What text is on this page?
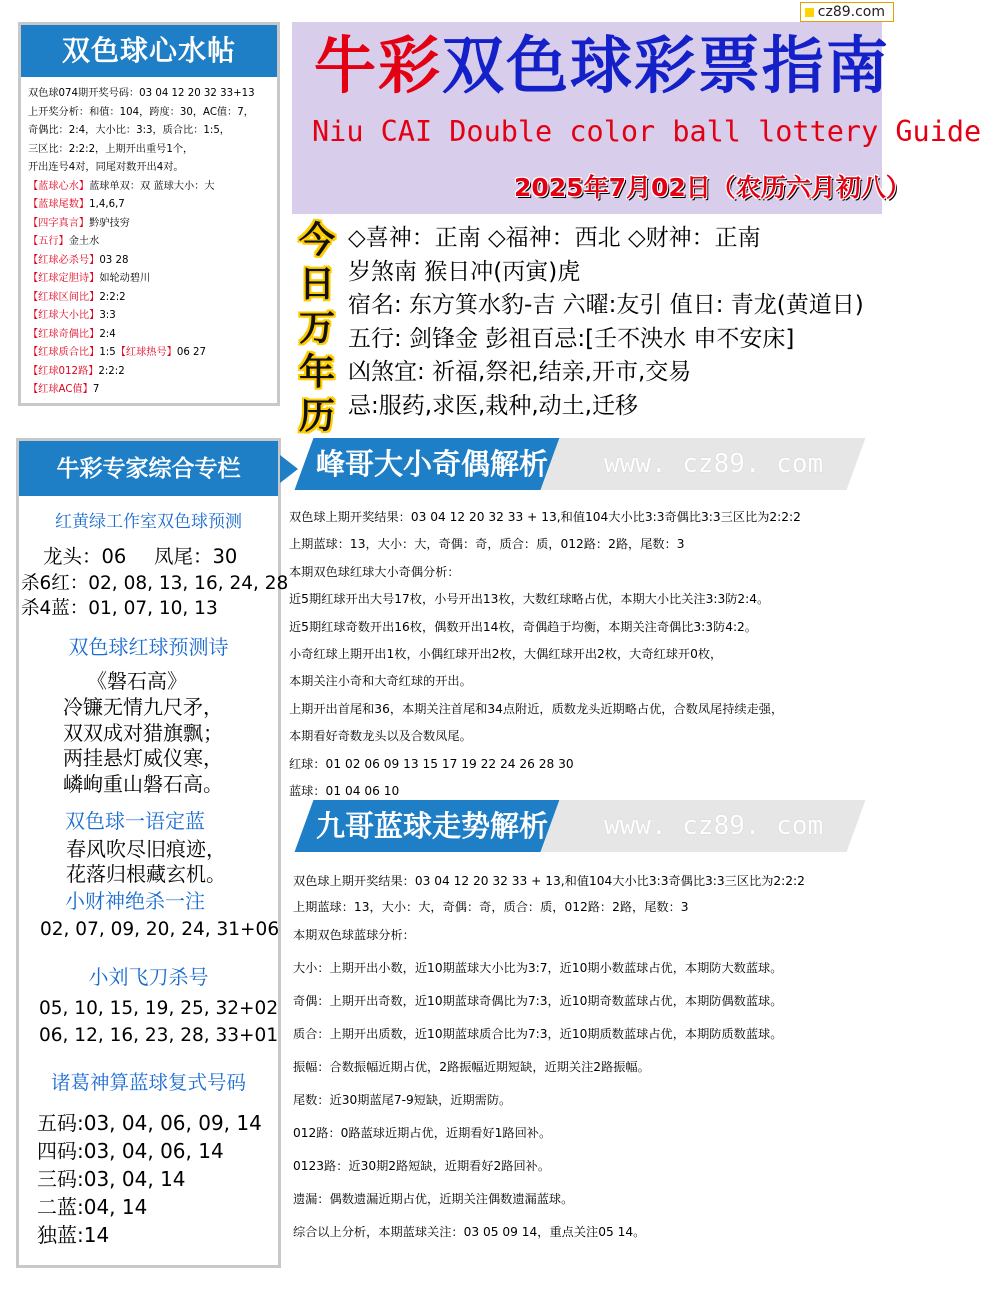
cz89.com
双色球心水帖
双色球074期开奖号码：03 04 12 20 32 33+13
上开奖分析：和值：104，跨度：30，AC值：7，
奇偶比：2:4，大小比：3:3，质合比：1:5，
三区比：2:2:2，上期开出重号1个，
开出连号4对，同尾对数开出4对。
【蓝球心水】蓝球单双：双 蓝球大小：大
【蓝球尾数】1,4,6,7
【四字真言】黔驴技穷
【五行】金土水
【红球必杀号】03 28
【红球定胆诗】如轮动碧川
【红球区间比】2:2:2
【红球大小比】3:3
【红球奇偶比】2:4
【红球质合比】1:5【红球热号】06 27
【红球012路】2:2:2
【红球AC值】7
牛彩双色球彩票指南
Niu CAI Double color ball lottery Guide
2025年7月02日（农历六月初八）
今
日
万
年
历
◇喜神：正南 ◇福神：西北 ◇财神：正南
岁煞南 猴日冲(丙寅)虎
宿名: 东方箕水豹-吉 六曜:友引 值日: 青龙(黄道日)
五行: 剑锋金 彭祖百忌:[壬不泱水 申不安床]
凶煞宜: 祈福,祭祀,结亲,开市,交易
忌:服药,求医,栽种,动土,迁移
牛彩专家综合专栏
红黄绿工作室双色球预测
龙头：06 凤尾：30
杀6红：02, 08, 13, 16, 24, 28
杀4蓝：01, 07, 10, 13
双色球红球预测诗
《磐石高》
冷镰无情九尺矛，
双双成对猎旗飘；
两挂悬灯威仪寒，
嶙峋重山磐石高。
双色球一语定蓝
春风吹尽旧痕迹，
花落归根藏玄机。
小财神绝杀一注
02, 07, 09, 20, 24, 31+06
小刘飞刀杀号
05, 10, 15, 19, 25, 32+02
06, 12, 16, 23, 28, 33+01
诸葛神算蓝球复式号码
五码:03, 04, 06, 09, 14
四码:03, 04, 06, 14
三码:03, 04, 14
二蓝:04, 14
独蓝:14
峰哥大小奇偶解析 www. cz89. com
双色球上期开奖结果：03 04 12 20 32 33 + 13,和值104大小比3:3奇偶比3:3三区比为2:2:2
上期蓝球：13，大小：大，奇偶：奇，质合：质，012路：2路，尾数：3
本期双色球红球大小奇偶分析：
近5期红球开出大号17枚，小号开出13枚，大数红球略占优，本期大小比关注3:3防2:4。
近5期红球奇数开出16枚，偶数开出14枚，奇偶趋于均衡，本期关注奇偶比3:3防4:2。
小奇红球上期开出1枚，小偶红球开出2枚，大偶红球开出2枚，大奇红球开0枚，
本期关注小奇和大奇红球的开出。
上期开出首尾和36，本期关注首尾和34点附近，质数龙头近期略占优，合数凤尾持续走强，
本期看好奇数龙头以及合数凤尾。
红球：01 02 06 09 13 15 17 19 22 24 26 28 30
蓝球：01 04 06 10
九哥蓝球走势解析 www. cz89. com
双色球上期开奖结果：03 04 12 20 32 33 + 13,和值104大小比3:3奇偶比3:3三区比为2:2:2
上期蓝球：13，大小：大，奇偶：奇，质合：质，012路：2路，尾数：3
本期双色球蓝球分析：
大小：上期开出小数，近10期蓝球大小比为3:7，近10期小数蓝球占优，本期防大数蓝球。
奇偶：上期开出奇数，近10期蓝球奇偶比为7:3，近10期奇数蓝球占优，本期防偶数蓝球。
质合：上期开出质数，近10期蓝球质合比为7:3，近10期质数蓝球占优，本期防质数蓝球。
振幅：合数振幅近期占优，2路振幅近期短缺，近期关注2路振幅。
尾数：近30期蓝尾7-9短缺，近期需防。
012路：0路蓝球近期占优，近期看好1路回补。
0123路：近30期2路短缺，近期看好2路回补。
遗漏：偶数遗漏近期占优，近期关注偶数遗漏蓝球。
综合以上分析，本期蓝球关注：03 05 09 14，重点关注05 14。
